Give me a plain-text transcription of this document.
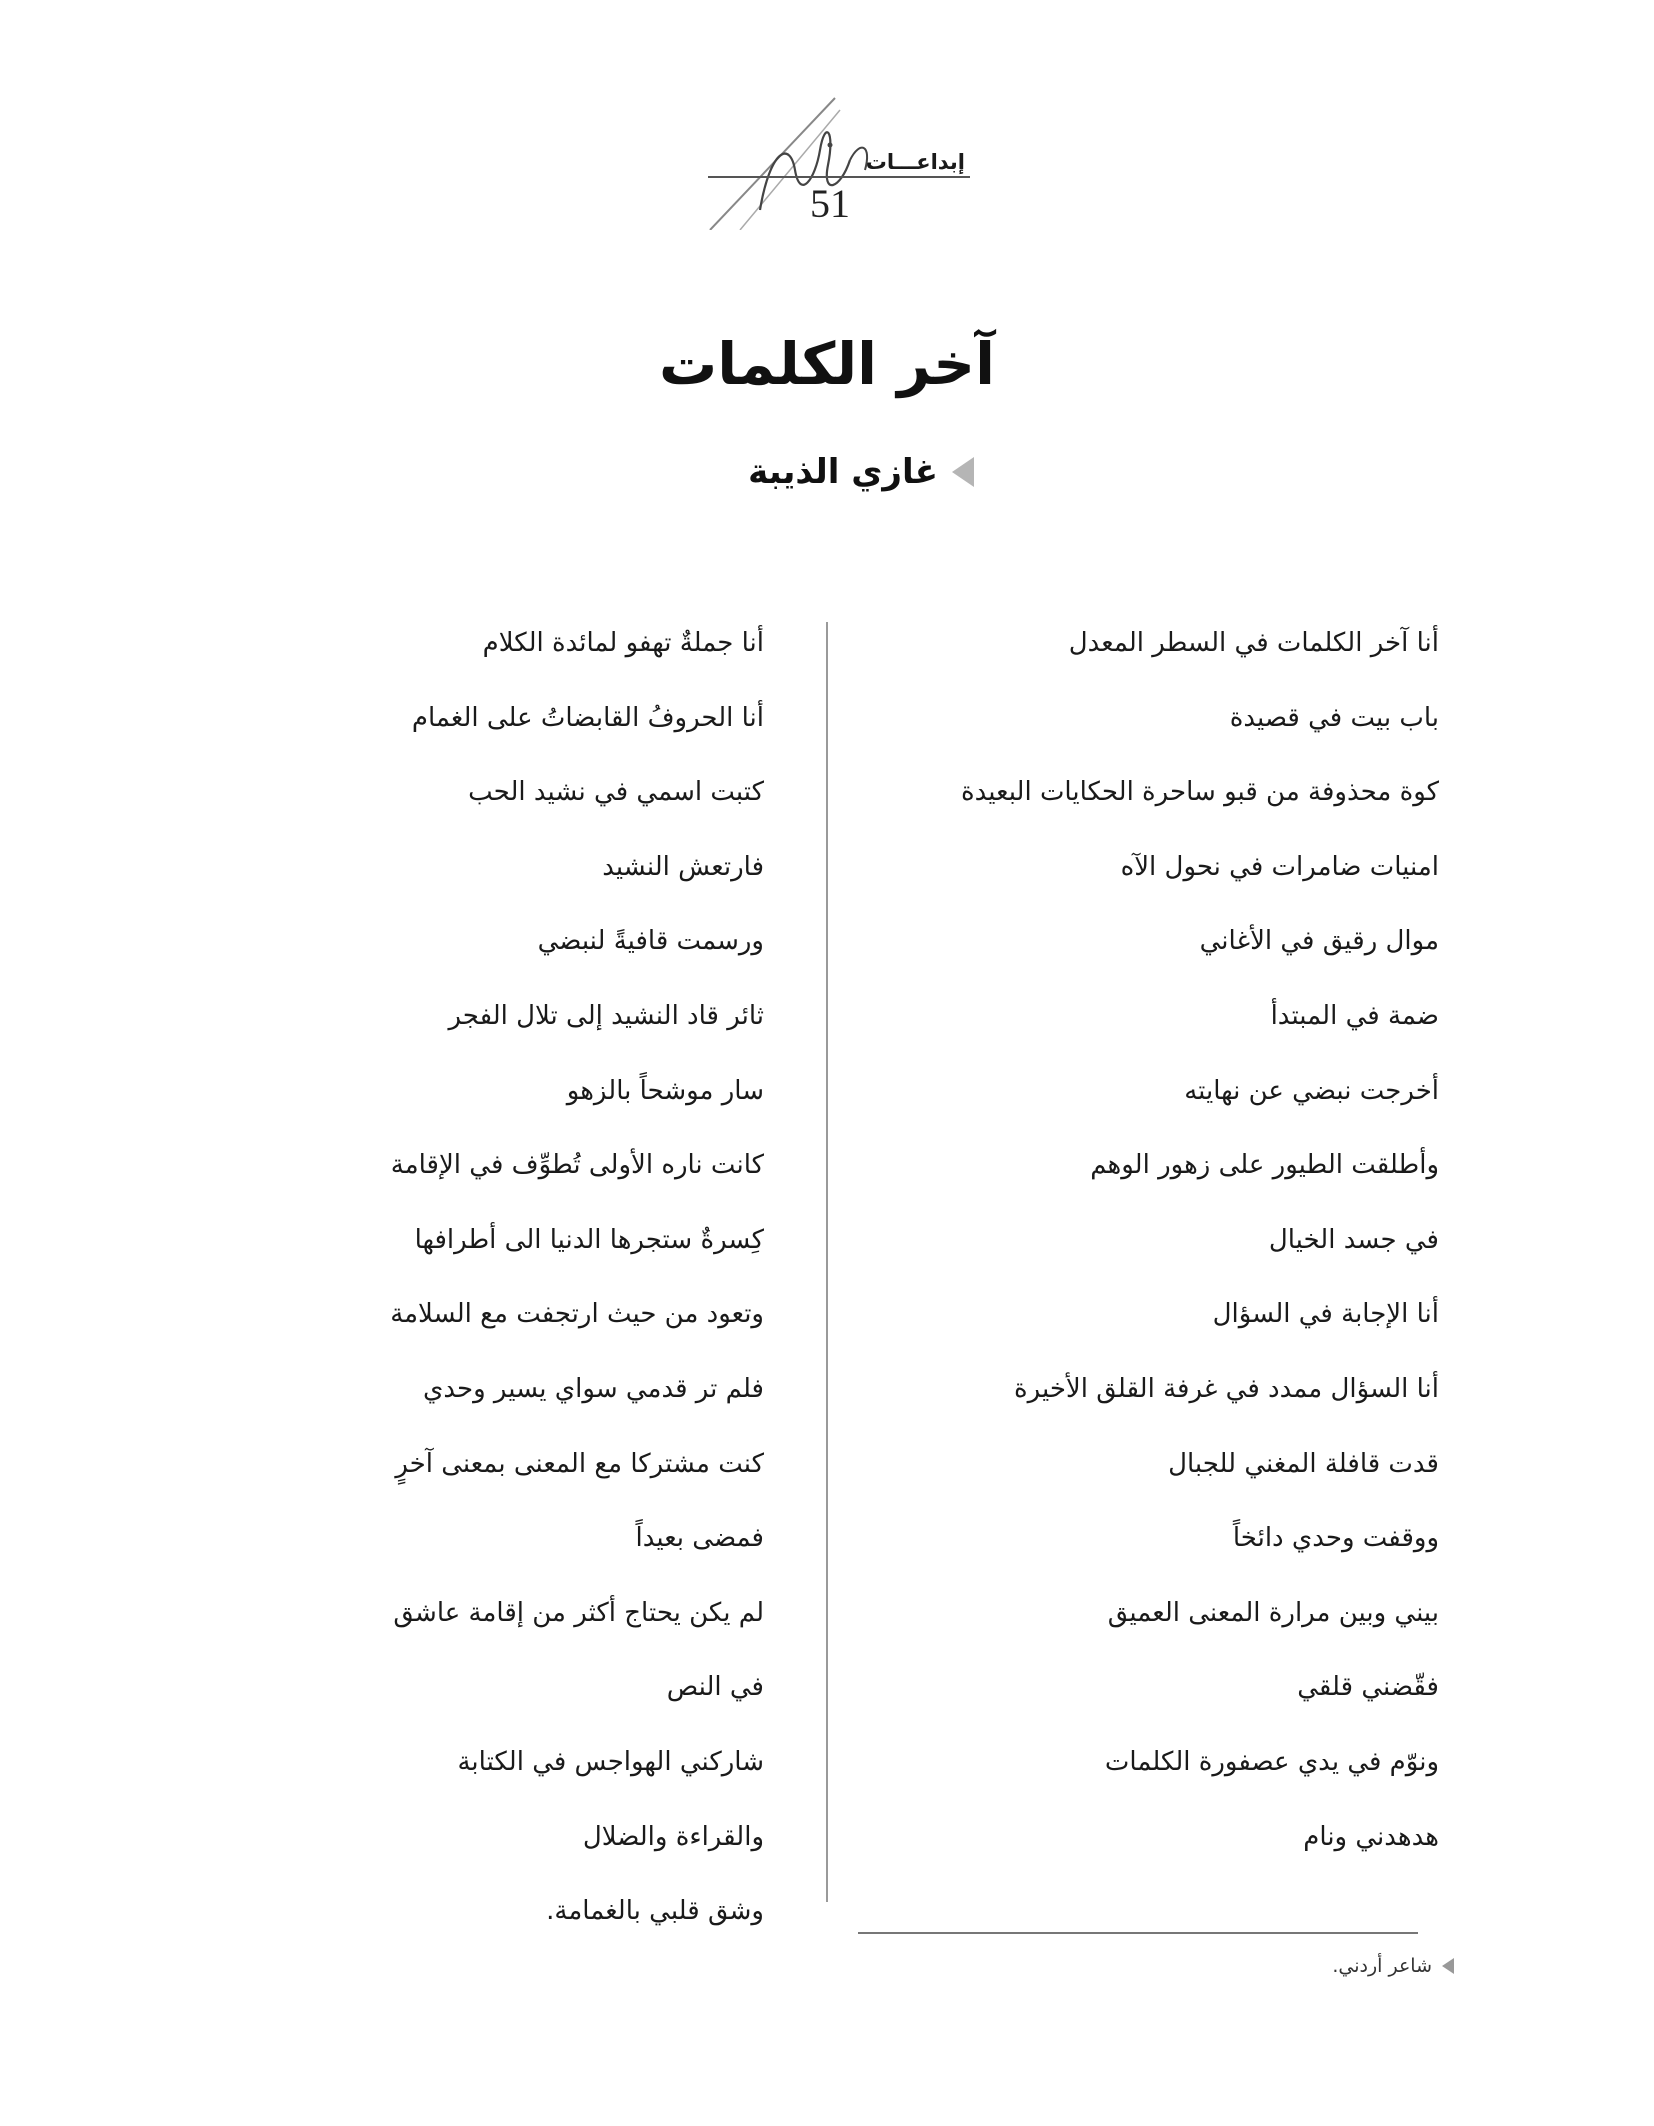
إبداعـــات
51
آخر الكلمات
غازي الذيبة
أنا آخر الكلمات في السطر المعدل
باب بيت في قصيدة
كوة محذوفة من قبو ساحرة الحكايات البعيدة
امنيات ضامرات في نحول الآه
موال رقيق في الأغاني
ضمة في المبتدأ
أخرجت نبضي عن نهايته
وأطلقت الطيور على زهور الوهم
في جسد الخيال
أنا الإجابة في السؤال
أنا السؤال ممدد في غرفة القلق الأخيرة
قدت قافلة المغني للجبال
ووقفت وحدي دائخاً
بيني وبين مرارة المعنى العميق
فقّضني قلقي
ونوّم في يدي عصفورة الكلمات
هدهدني ونام
أنا جملةٌ تهفو لمائدة الكلام
أنا الحروفُ القابضاتُ على الغمام
كتبت اسمي في نشيد الحب
فارتعش النشيد
ورسمت قافيةً لنبضي
ثائر قاد النشيد إلى تلال الفجر
سار موشحاً بالزهو
كانت ناره الأولى تُطوِّف في الإقامة
كِسرةٌ ستجرها الدنيا الى أطرافها
وتعود من حيث ارتجفت مع السلامة
فلم تر قدمي سواي يسير وحدي
كنت مشتركا مع المعنى بمعنى آخرٍ
فمضى بعيداً
لم يكن يحتاج أكثر من إقامة عاشق
في النص
شاركني الهواجس في الكتابة
والقراءة والضلال
وشق قلبي بالغمامة.
شاعر أردني.
